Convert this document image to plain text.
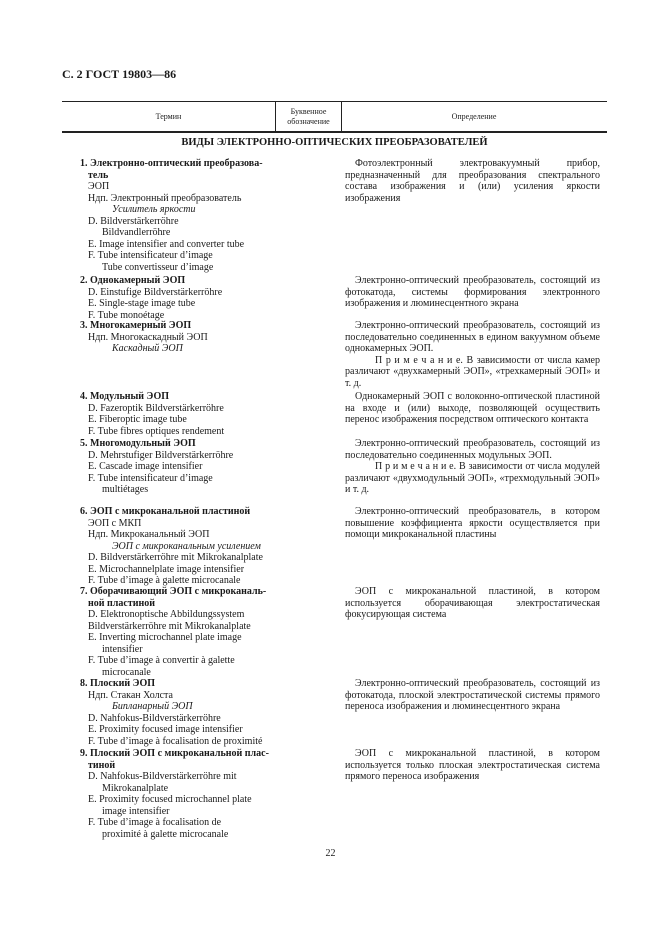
С. 2 ГОСТ 19803—86
Термин
Буквенное
обозначение	Определение
ВИДЫ ЭЛЕКТРОННО-ОПТИЧЕСКИХ ПРЕОБРАЗОВАТЕЛЕЙ
1. Электронно-оптический преобразова-
тель
ЭОП
Ндп. Электронный преобразователь
Усилитель яркости
D. Bildverstärkerröhre
Bildvandlerröhre
E. Image intensifier and converter tube
F. Tube intensificateur d’image
Tube convertisseur d’image
2. Однокамерный ЭОП
D. Einstufige Bildverstärkerröhre
E. Single-stage image tube
F. Tube monoétage
3. Многокамерный ЭОП
Ндп. Многокаскадный ЭОП
Каскадный ЭОП
4. Модульный ЭОП
D. Fazeroptik Bildverstärkerröhre
E. Fiberoptic image tube
F. Tube fibres optiques rendement
5. Многомодульный ЭОП
D. Mehrstufiger Bildverstärkerröhre
E. Cascade image intensifier
F. Tube intensificateur d’image
multiétages
6. ЭОП с микроканальной пластиной
ЭОП с МКП
Ндп. Микроканальный ЭОП
ЭОП с микроканальным усилением
D. Bildverstärkerröhre mit Mikrokanalplate
E. Microchannelplate image intensifier
F. Tube d’image à galette microcanale
7. Оборачивающий ЭОП с микроканаль-
ной пластиной
D. Elektronoptische Abbildungssystem
Bildverstärkerröhre mit Mikrokanalplate
E. Inverting microchannel plate image
intensifier
F. Tube d’image à convertir à galette
microcanale
8. Плоский ЭОП
Ндп. Стакан Холста
Бипланарный ЭОП
D. Nahfokus-Bildverstärkerröhre
E. Proximity focused image intensifier
F. Tube d’image à focalisation de proximité
9. Плоский ЭОП с микроканальной плас-
тиной
D. Nahfokus-Bildverstärkerröhre mit
Mikrokanalplate
E. Proximity focused microchannel plate
image intensifier
F. Tube d’image à focalisation de
proximité à galette microcanale
Фотоэлектронный электровакуумный прибор, предназначенный для преобразования спектрального состава изображения и (или) усиления яркости изображения
Электронно-оптический преобразователь, состоящий из фотокатода, системы формирования электронного изображения и люминесцентного экрана
Электронно-оптический преобразователь, состоящий из последовательно соединенных в едином вакуумном объеме однокамерных ЭОП.
П р и м е ч а н и е. В зависимости от числа камер различают «двухкамерный ЭОП», «трехкамерный ЭОП» и т. д.
Однокамерный ЭОП с волоконно-оптической пластиной на входе и (или) выходе, позволяющей осуществить перенос изображения посредством оптического контакта
Электронно-оптический преобразователь, состоящий из последовательно соединенных модульных ЭОП.
П р и м е ч а н и е. В зависимости от числа модулей различают «двухмодульный ЭОП», «трехмодульный ЭОП» и т. д.
Электронно-оптический преобразователь, в котором повышение коэффициента яркости осуществляется при помощи микроканальной пластины
ЭОП с микроканальной пластиной, в котором используется оборачивающая электростатическая фокусирующая система
Электронно-оптический преобразователь, состоящий из фотокатода, плоской электростатической системы прямого переноса изображения и люминесцентного экрана
ЭОП с микроканальной пластиной, в котором используется только плоская электростатическая система прямого переноса изображения
22
